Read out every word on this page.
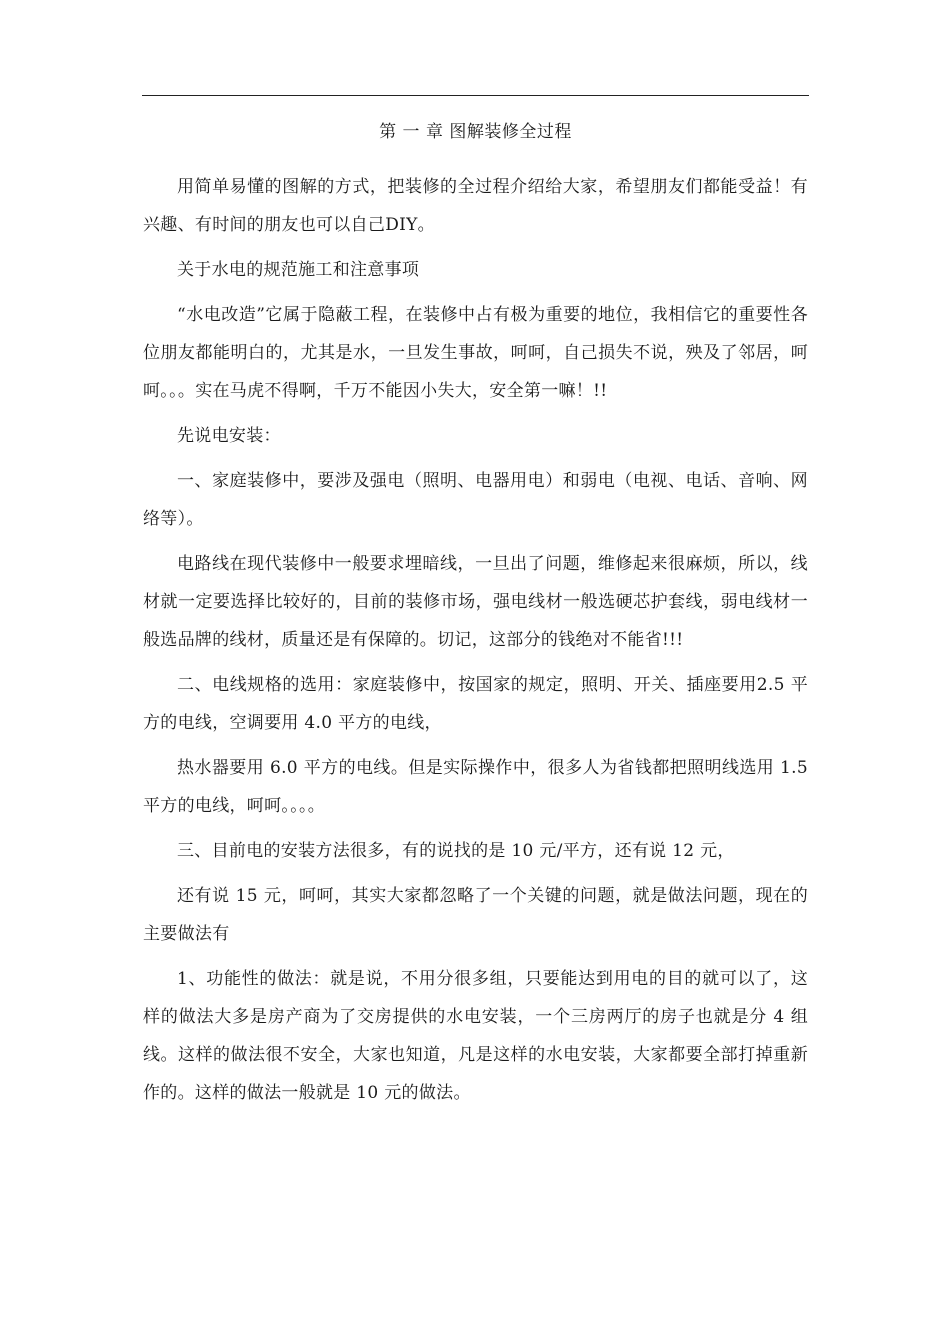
第 一 章 图解装修全过程

用简单易懂的图解的方式，把装修的全过程介绍给大家，希望朋友们都能受益！有兴趣、有时间的朋友也可以自己DIY。

关于水电的规范施工和注意事项

“水电改造”它属于隐蔽工程，在装修中占有极为重要的地位，我相信它的重要性各位朋友都能明白的，尤其是水，一旦发生事故，呵呵，自己损失不说，殃及了邻居，呵呵。。。实在马虎不得啊，千万不能因小失大，安全第一嘛！!!

先说电安装：

一、家庭装修中，要涉及强电（照明、电器用电）和弱电（电视、电话、音响、网络等）。

电路线在现代装修中一般要求埋暗线，一旦出了问题，维修起来很麻烦，所以，线材就一定要选择比较好的，目前的装修市场，强电线材一般选硬芯护套线，弱电线材一般选品牌的线材，质量还是有保障的。切记，这部分的钱绝对不能省!!!

二、电线规格的选用：家庭装修中，按国家的规定，照明、开关、插座要用2.5 平方的电线，空调要用 4.0 平方的电线，

热水器要用 6.0 平方的电线。但是实际操作中，很多人为省钱都把照明线选用 1.5 平方的电线，呵呵。。。。

三、目前电的安装方法很多，有的说找的是 10 元/平方，还有说 12 元，

还有说 15 元，呵呵，其实大家都忽略了一个关键的问题，就是做法问题，现在的主要做法有

1、功能性的做法：就是说，不用分很多组，只要能达到用电的目的就可以了，这样的做法大多是房产商为了交房提供的水电安装，一个三房两厅的房子也就是分 4 组线。这样的做法很不安全，大家也知道，凡是这样的水电安装，大家都要全部打掉重新作的。这样的做法一般就是 10 元的做法。
